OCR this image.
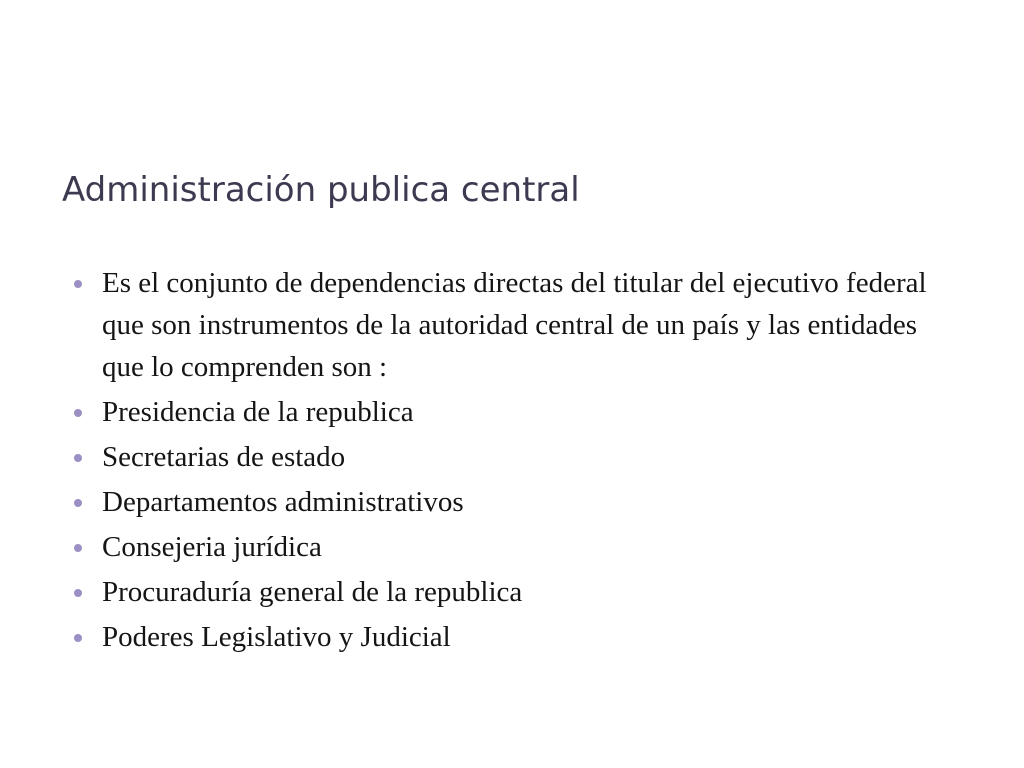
Administración publica central
Es el conjunto de dependencias directas del titular del ejecutivo federal que son instrumentos de la autoridad central de un país y las entidades que lo comprenden son :
Presidencia de la republica
Secretarias de estado
Departamentos administrativos
Consejeria jurídica
Procuraduría general de la republica
Poderes Legislativo y Judicial
